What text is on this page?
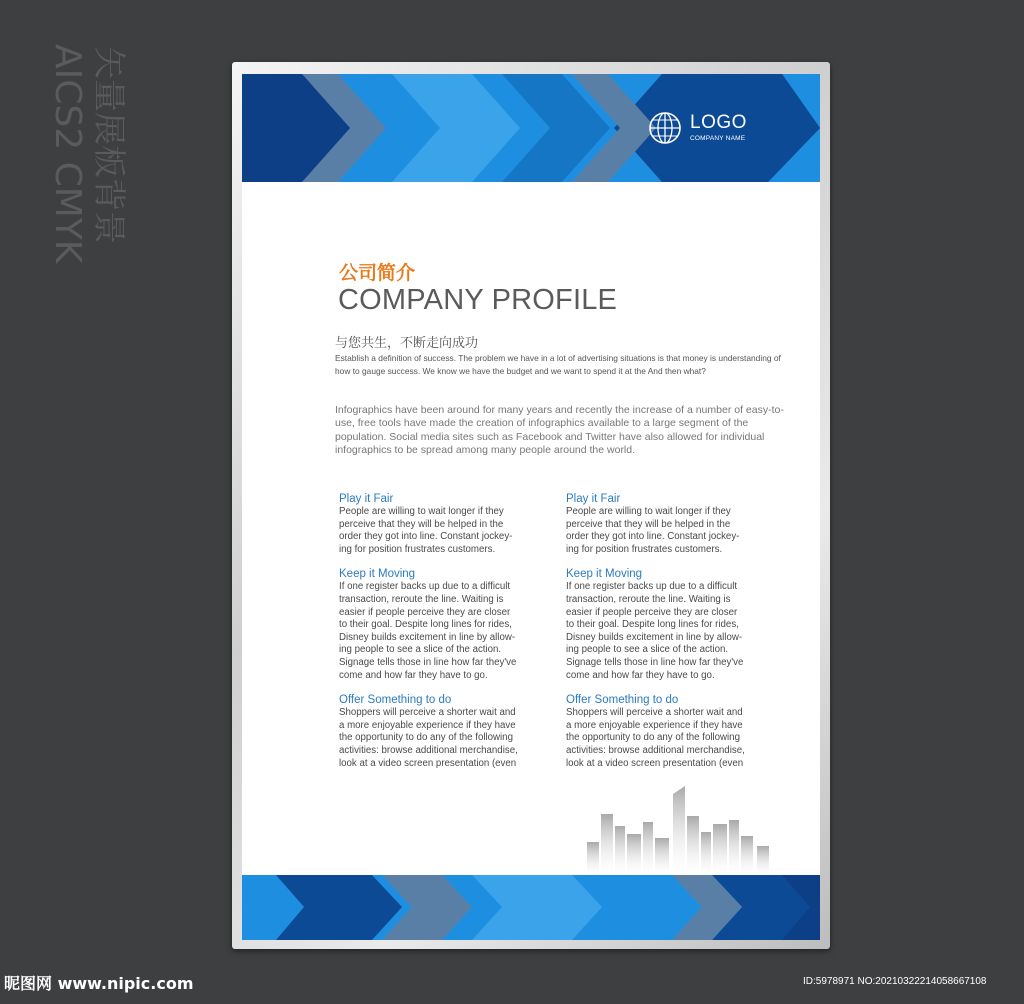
矢量展板背景
AICS2 CMYK	LOGO
COMPANY NAME
公司简介
COMPANY PROFILE
与您共生，不断走向成功
Establish a definition of success. The problem we have in a lot of advertising situations is that money is understanding of how to gauge success. We know we have the budget and we want to spend it at the And then what?
Infographics have been around for many years and recently the increase of a number of easy-to-use, free tools have made the creation of infographics available to a large segment of the population. Social media sites such as Facebook and Twitter have also allowed for individual infographics to be spread among many people around the world.
Play it Fair
People are willing to wait longer if they
perceive that they will be helped in the
order they got into line. Constant jockey-
ing for position frustrates customers.
Keep it Moving
If one register backs up due to a difficult
transaction, reroute the line. Waiting is
easier if people perceive they are closer
to their goal. Despite long lines for rides,
Disney builds excitement in line by allow-
ing people to see a slice of the action.
Signage tells those in line how far they've
come and how far they have to go.
Offer Something to do
Shoppers will perceive a shorter wait and
a more enjoyable experience if they have
the opportunity to do any of the following
activities: browse additional merchandise,
look at a video screen presentation (even
Play it Fair
People are willing to wait longer if they
perceive that they will be helped in the
order they got into line. Constant jockey-
ing for position frustrates customers.
Keep it Moving
If one register backs up due to a difficult
transaction, reroute the line. Waiting is
easier if people perceive they are closer
to their goal. Despite long lines for rides,
Disney builds excitement in line by allow-
ing people to see a slice of the action.
Signage tells those in line how far they've
come and how far they have to go.
Offer Something to do
Shoppers will perceive a shorter wait and
a more enjoyable experience if they have
the opportunity to do any of the following
activities: browse additional merchandise,
look at a video screen presentation (even
昵图网 www.nipic.com	ID:5978971 NO:20210322214058667108
